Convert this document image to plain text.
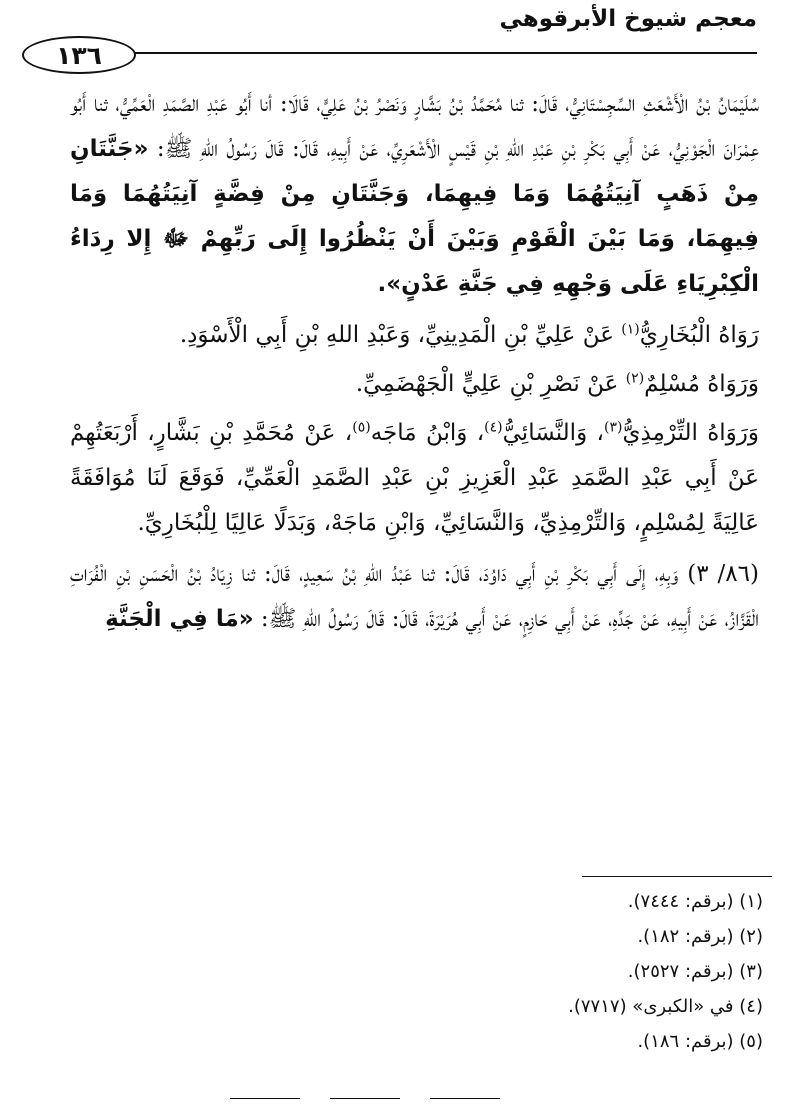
معجم شيوخ الأبرقوهي
١٣٦

سُلَيْمَانُ بْنُ الْأَشْعَثِ السِّجِسْتَانِيُّ، قَالَ: ثنا مُحَمَّدُ بْنُ بَشَّارٍ وَنَصْرُ بْنُ عَلِيٍّ، قَالَا: أنا أَبُو عَبْدِ الصَّمَدِ الْعَمِّيُّ، ثنا أَبُو عِمْرَانَ الْجَوْنِيُّ، عَنْ أَبِي بَكْرِ بْنِ عَبْدِ اللهِ بْنِ قَيْسٍ الْأَشْعَرِيِّ، عَنْ أَبِيهِ، قَالَ: قَالَ رَسُولُ اللهِ ﷺ: «جَنَّتَانِ مِنْ ذَهَبٍ آنِيَتُهُمَا وَمَا فِيهِمَا، وَجَنَّتَانِ مِنْ فِضَّةٍ آنِيَتُهُمَا وَمَا فِيهِمَا، وَمَا بَيْنَ الْقَوْمِ وَبَيْنَ أَنْ يَنْظُرُوا إِلَى رَبِّهِمْ ﷻ إِلا رِدَاءُ الْكِبْرِيَاءِ عَلَى وَجْهِهِ فِي جَنَّةِ عَدْنٍ».

رَوَاهُ الْبُخَارِيُّ$^{(١)}$ عَنْ عَلِيِّ بْنِ الْمَدِينِيِّ، وَعَبْدِ اللهِ بْنِ أَبِي الْأَسْوَدِ.

وَرَوَاهُ مُسْلِمٌ$^{(٢)}$ عَنْ نَصْرِ بْنِ عَلِيٍّ الْجَهْضَمِيِّ.

وَرَوَاهُ التِّرْمِذِيُّ$^{(٣)}$، وَالنَّسَائِيُّ$^{(٤)}$، وَابْنُ مَاجَه$^{(٥)}$، عَنْ مُحَمَّدِ بْنِ بَشَّارٍ، أَرْبَعَتُهِمْ عَنْ أَبِي عَبْدِ الصَّمَدِ عَبْدِ الْعَزِيزِ بْنِ عَبْدِ الصَّمَدِ الْعَمِّيِّ، فَوَقَعَ لَنَا مُوَافَقَةً عَالِيَةً لِمُسْلِمٍ، وَالتِّرْمِذِيِّ، وَالنَّسَائِيِّ، وَابْنِ مَاجَهْ، وَبَدَلًا عَالِيًا لِلْبُخَارِيِّ.

(٨٦/ ٣) وَبِهِ، إِلَى أَبِي بَكْرِ بْنِ أَبِي دَاوُدَ، قَالَ: ثنا عَبْدُ اللهِ بْنُ سَعِيدٍ، قَالَ: ثنا زِيَادُ بْنُ الْحَسَنِ بْنِ الْفُرَاتِ الْقَزَّازُ، عَنْ أَبِيهِ، عَنْ جَدِّهِ، عَنْ أَبِي حَازِمٍ، عَنْ أَبِي هُرَيْرَةَ، قَالَ: قَالَ رَسُولُ اللهِ ﷺ: «مَا فِي الْجَنَّةِ

(١) (برقم: ٧٤٤٤).
(٢) (برقم: ١٨٢).
(٣) (برقم: ٢٥٢٧).
(٤) في «الكبرى» (٧٧١٧).
(٥) (برقم: ١٨٦).
